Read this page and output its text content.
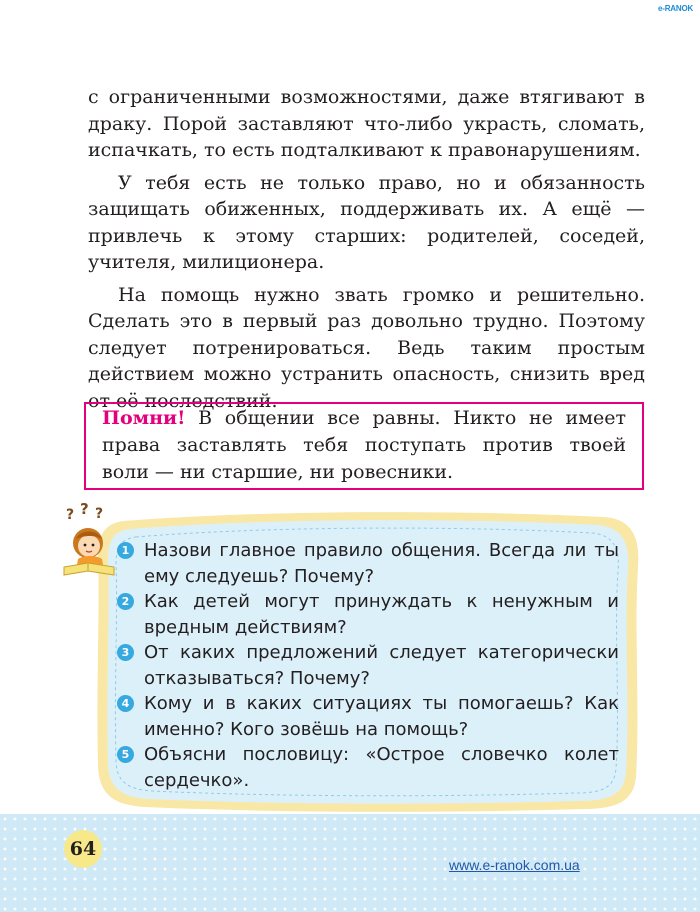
e-RANOK

с ограниченными возможностями, даже втягивают в драку. Порой заставляют что-либо украсть, сломать, испачкать, то есть подталкивают к правонарушениям.

У тебя есть не только право, но и обязанность защищать обиженных, поддерживать их. А ещё — привлечь к этому старших: родителей, соседей, учителя, милиционера.

На помощь нужно звать громко и решительно. Сделать это в первый раз довольно трудно. Поэтому следует потренироваться. Ведь таким простым действием можно устранить опасность, снизить вред от её последствий.

Помни! В общении все равны. Никто не имеет права заставлять тебя поступать против твоей воли — ни старшие, ни ровесники.
1 Назови главное правило общения. Всегда ли ты ему следуешь? Почему?
2 Как детей могут принуждать к ненужным и вредным действиям?
3 От каких предложений следует категорически отказываться? Почему?
4 Кому и в каких ситуациях ты помогаешь? Как именно? Кого зовёшь на помощь?
5 Объясни пословицу: «Острое словечко колет сердечко».
? ? ?
64
www.e-ranok.com.ua
